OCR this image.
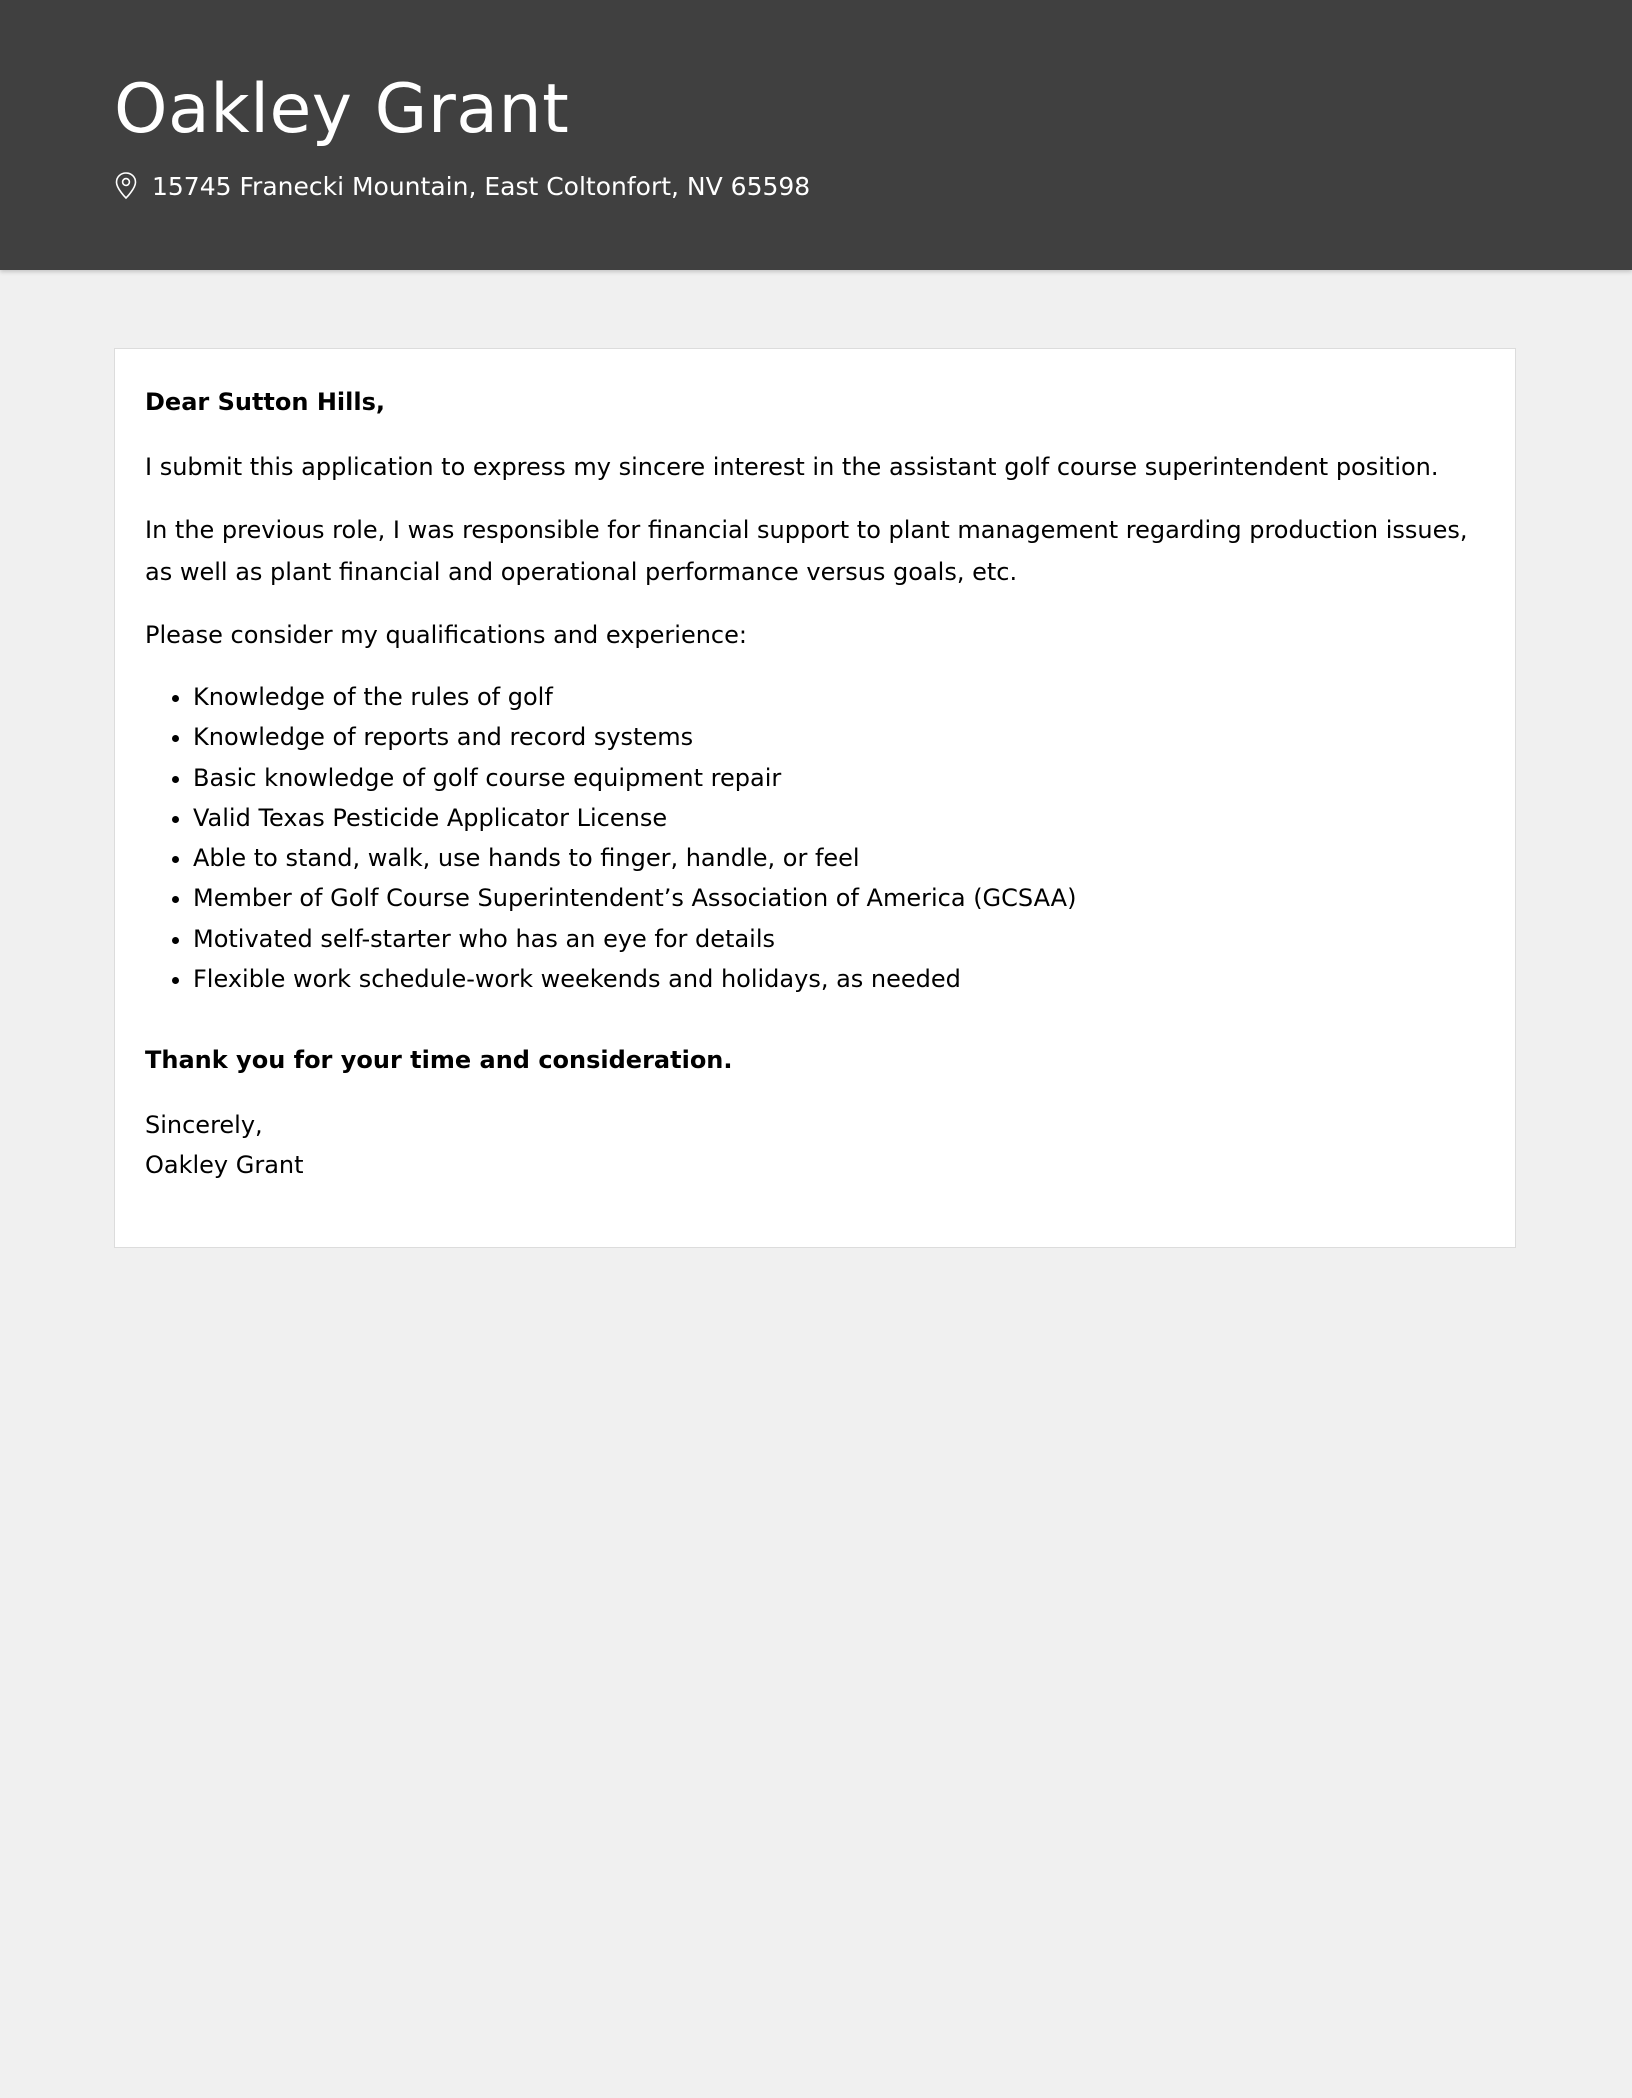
Oakley Grant
15745 Franecki Mountain, East Coltonfort, NV 65598

Dear Sutton Hills,

I submit this application to express my sincere interest in the assistant golf course superintendent position.

In the previous role, I was responsible for financial support to plant management regarding production issues, as well as plant financial and operational performance versus goals, etc.

Please consider my qualifications and experience:

• Knowledge of the rules of golf
• Knowledge of reports and record systems
• Basic knowledge of golf course equipment repair
• Valid Texas Pesticide Applicator License
• Able to stand, walk, use hands to finger, handle, or feel
• Member of Golf Course Superintendent’s Association of America (GCSAA)
• Motivated self-starter who has an eye for details
• Flexible work schedule-work weekends and holidays, as needed

Thank you for your time and consideration.

Sincerely,

Oakley Grant
